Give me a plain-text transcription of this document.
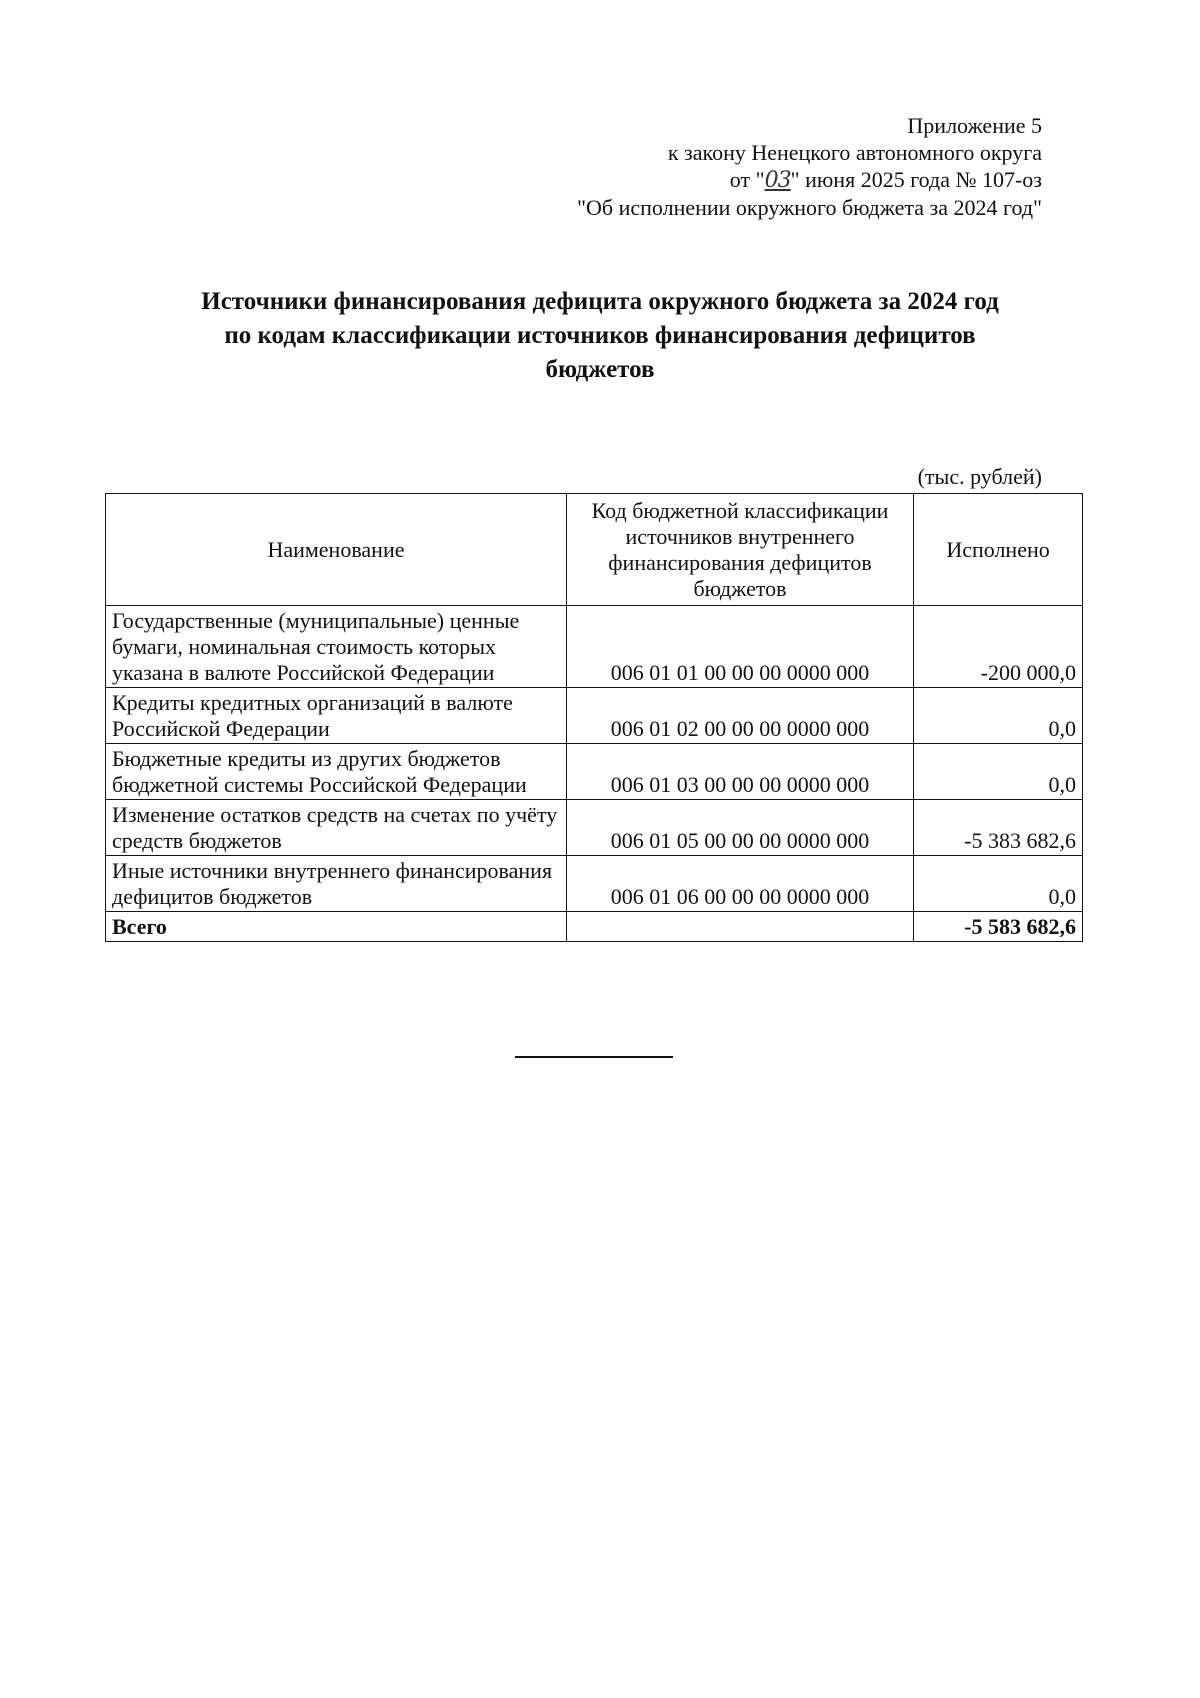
Приложение 5
к закону Ненецкого автономного округа
от "03" июня 2025 года № 107-оз
"Об исполнении окружного бюджета за 2024 год"
Источники финансирования дефицита окружного бюджета за 2024 год
по кодам классификации источников финансирования дефицитов
бюджетов
(тыс. рублей)
Наименование	Код бюджетной классификации источников внутреннего финансирования дефицитов бюджетов	Исполнено
Государственные (муниципальные) ценные бумаги, номинальная стоимость которых указана в валюте Российской Федерации	006 01 01 00 00 00 0000 000	-200 000,0
Кредиты кредитных организаций в валюте Российской Федерации	006 01 02 00 00 00 0000 000	0,0
Бюджетные кредиты из других бюджетов бюджетной системы Российской Федерации	006 01 03 00 00 00 0000 000	0,0
Изменение остатков средств на счетах по учёту средств бюджетов	006 01 05 00 00 00 0000 000	-5 383 682,6
Иные источники внутреннего финансирования дефицитов бюджетов	006 01 06 00 00 00 0000 000	0,0
Всего		-5 583 682,6
